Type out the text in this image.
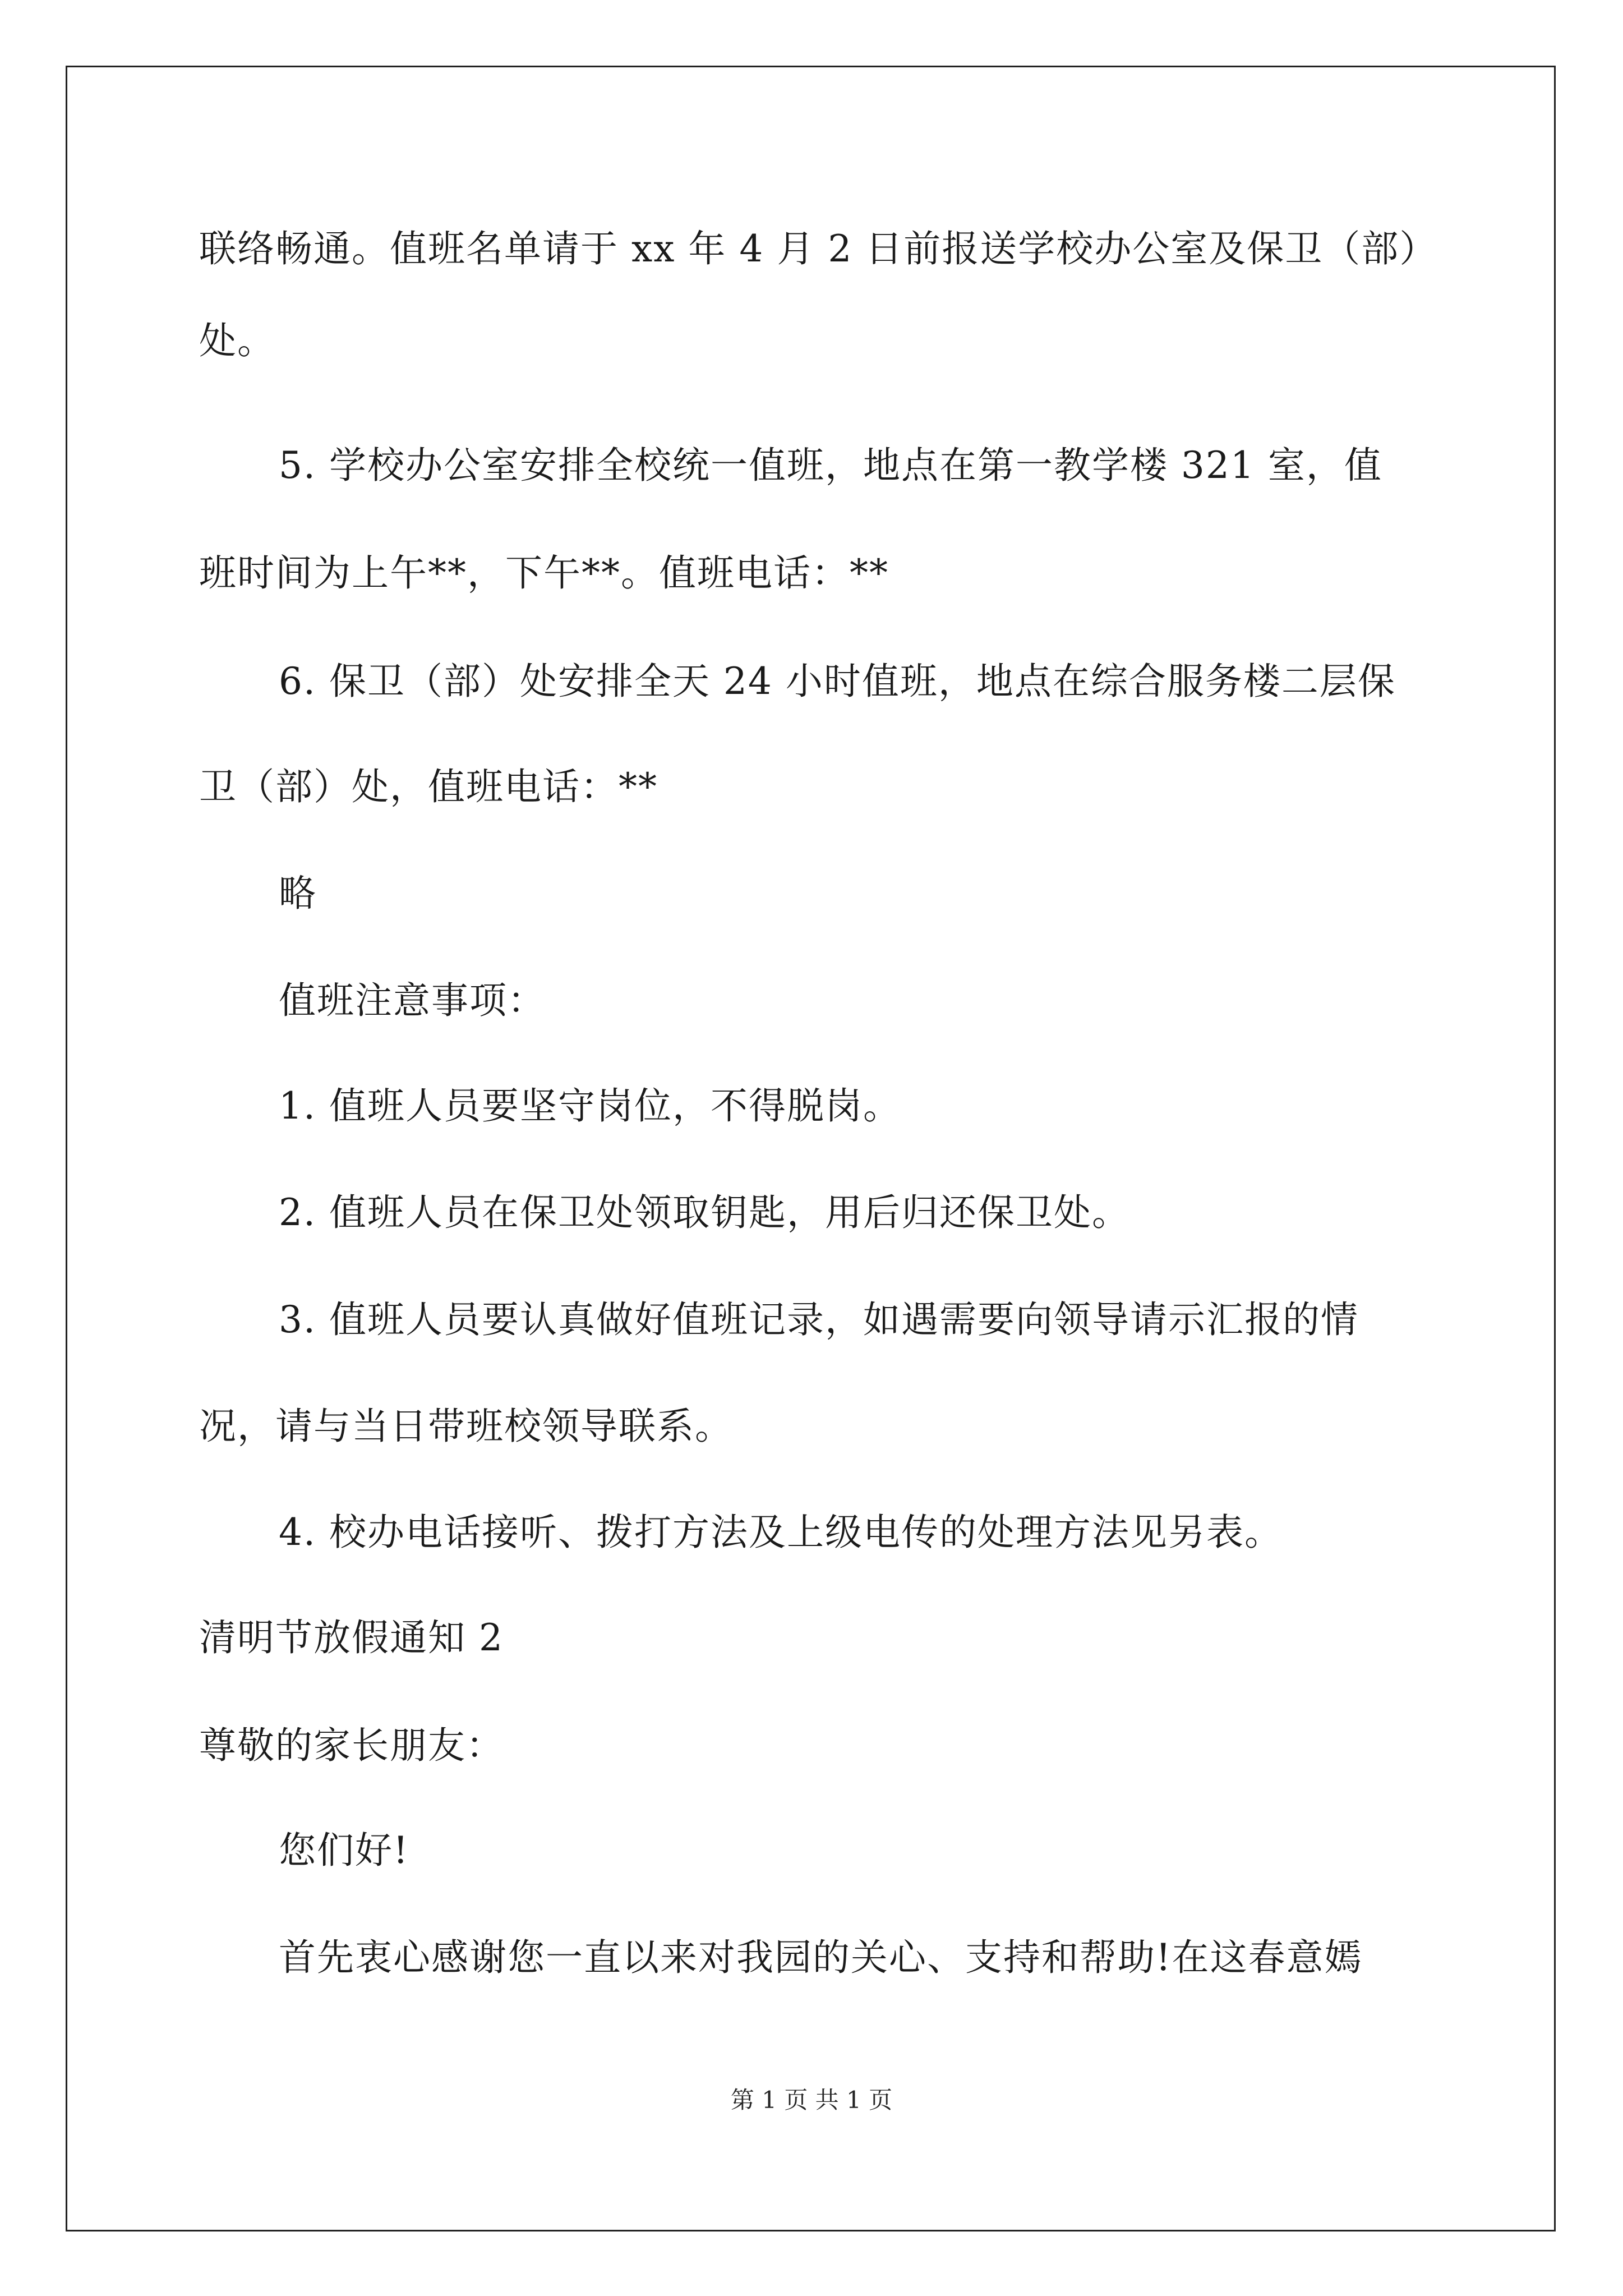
联络畅通。值班名单请于 xx 年 4 月 2 日前报送学校办公室及保卫（部）
处。
5. 学校办公室安排全校统一值班，地点在第一教学楼 321 室，值
班时间为上午**，下午**。值班电话：**
6. 保卫（部）处安排全天 24 小时值班，地点在综合服务楼二层保
卫（部）处，值班电话：**
略
值班注意事项：
1. 值班人员要坚守岗位，不得脱岗。
2. 值班人员在保卫处领取钥匙，用后归还保卫处。
3. 值班人员要认真做好值班记录，如遇需要向领导请示汇报的情
况，请与当日带班校领导联系。
4. 校办电话接听、拨打方法及上级电传的处理方法见另表。
清明节放假通知 2
尊敬的家长朋友：
您们好!
首先衷心感谢您一直以来对我园的关心、支持和帮助!在这春意嫣
第 1 页 共 1 页
